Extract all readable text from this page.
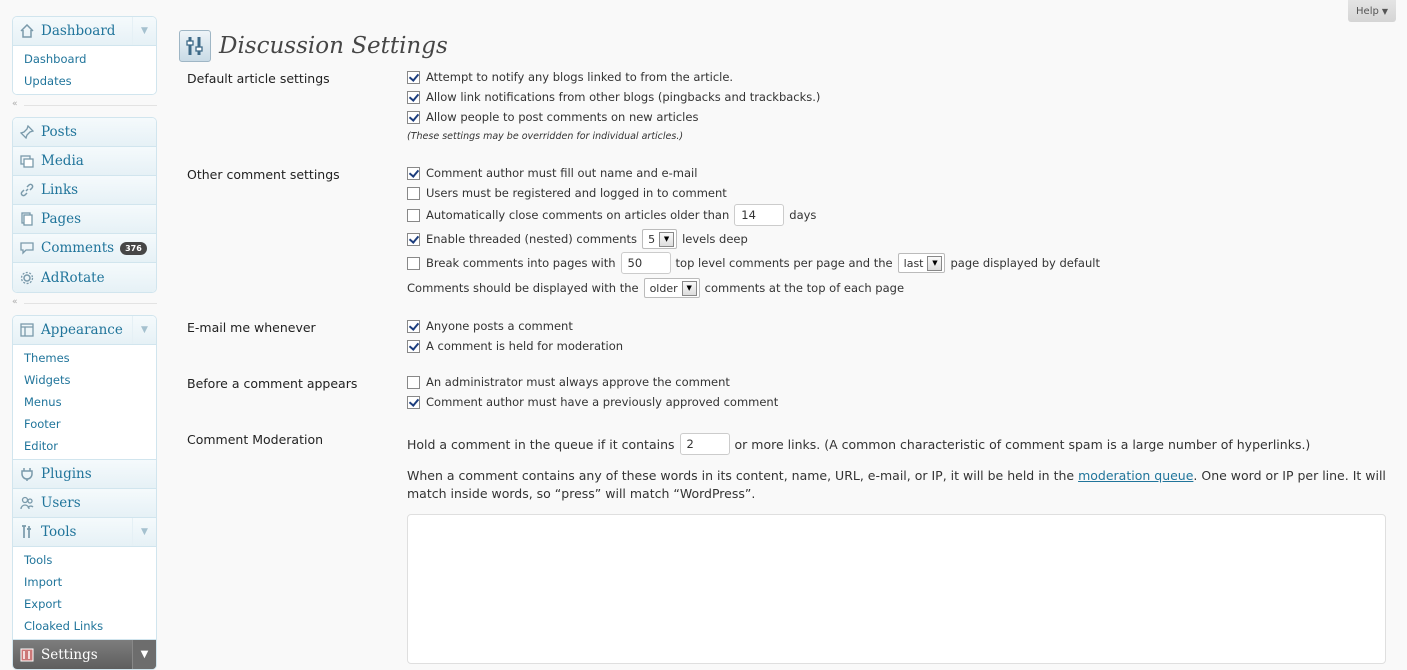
Dashboard	▼
Dashboard
Updates
«
Posts
Media
Links
Pages
Comments	376
AdRotate
«
Appearance	▼
Themes
Widgets
Menus
Footer
Editor
Plugins
Users
Tools	▼
Tools
Import
Export
Cloaked Links
Settings	▼
Help ▼
Discussion Settings
Default article settings	Attempt to notify any blogs linked to from the article.
Allow link notifications from other blogs (pingbacks and trackbacks.)
Allow people to post comments on new articles
(These settings may be overridden for individual articles.)
Other comment settings	Comment author must fill out name and e-mail
Users must be registered and logged in to comment
Automatically close comments on articles older than	14	days
Enable threaded (nested) comments 5	▼	levels deep
Break comments into pages with	50	top level comments per page and the last	▼	page displayed by default
Comments should be displayed with the older	▼	comments at the top of each page
E-mail me whenever	Anyone posts a comment
A comment is held for moderation
Before a comment appears	An administrator must always approve the comment
Comment author must have a previously approved comment
Comment Moderation	Hold a comment in the queue if it contains	2	or more links. (A common characteristic of comment spam is a large number of hyperlinks.)
When a comment contains any of these words in its content, name, URL, e-mail, or IP, it will be held in the moderation queue. One word or IP per line. It will
match inside words, so “press” will match “WordPress”.
